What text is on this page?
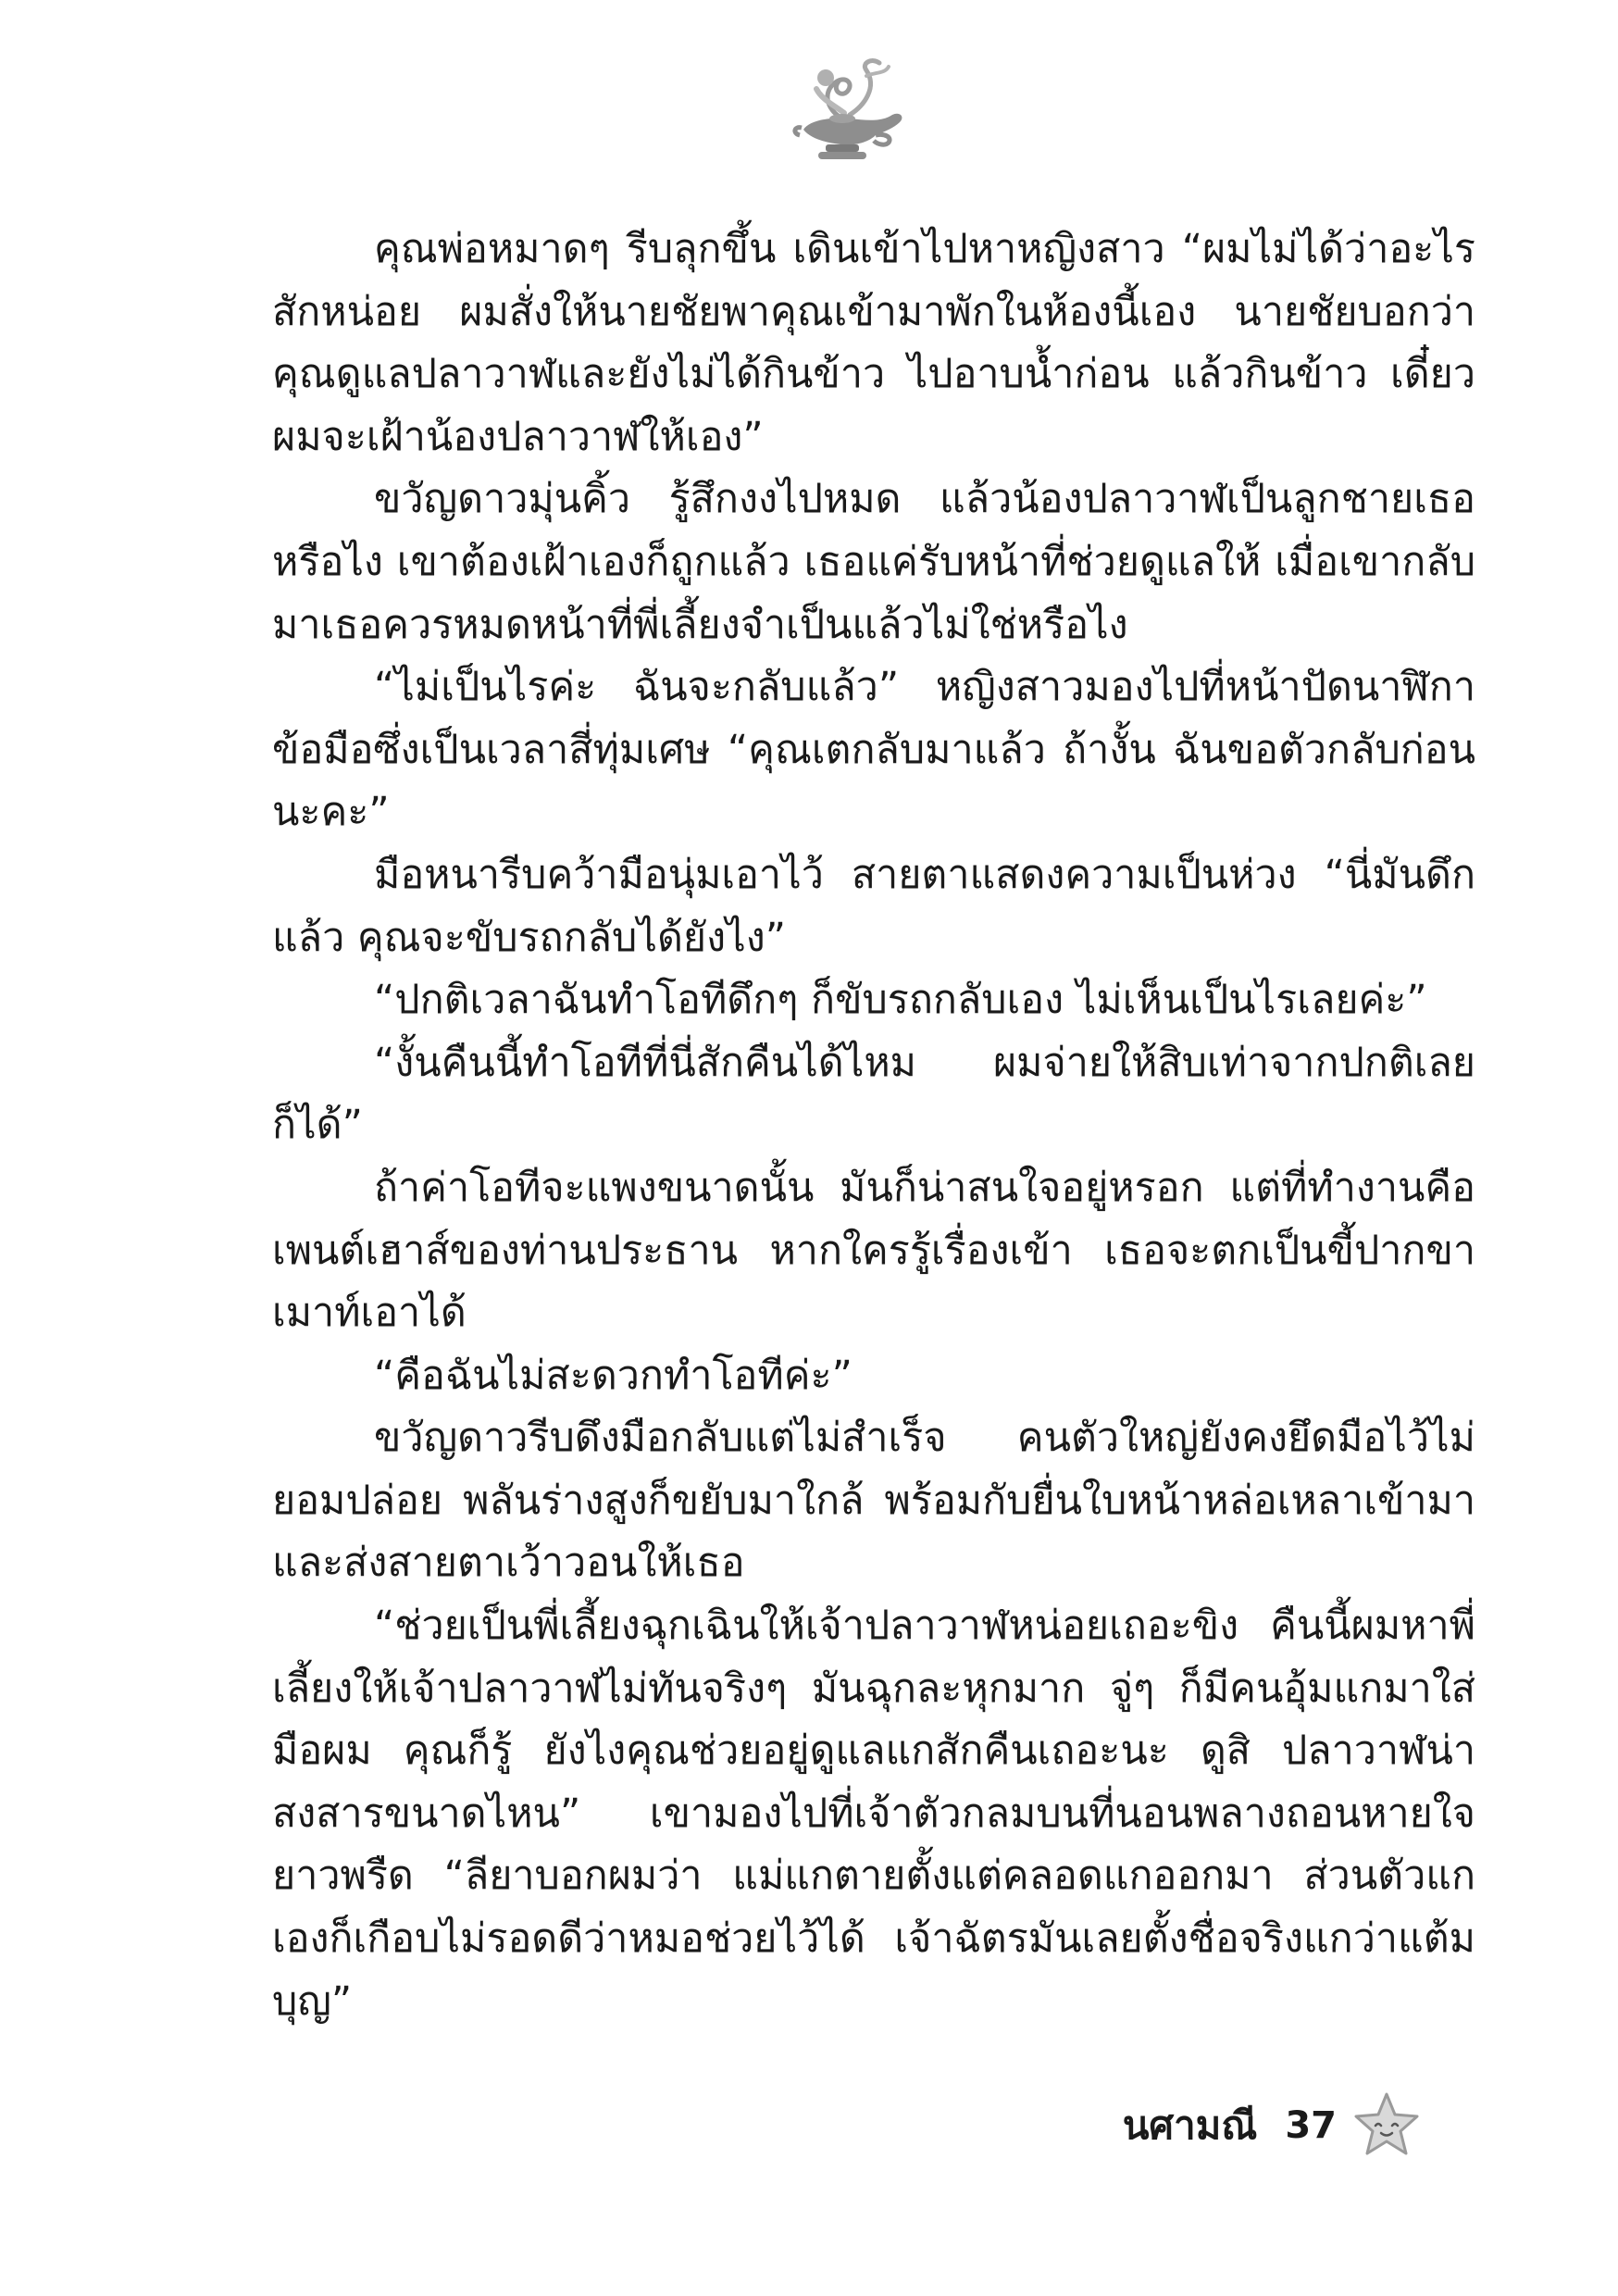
คุณพ่อหมาดๆ รีบลุกขึ้น เดินเข้าไปหาหญิงสาว “ผมไม่ได้ว่าอะไรสักหน่อย ผมสั่งให้นายชัยพาคุณเข้ามาพักในห้องนี้เอง นายชัยบอกว่าคุณดูแลปลาวาฬและยังไม่ได้กินข้าว ไปอาบน้ำก่อน แล้วกินข้าว เดี๋ยวผมจะเฝ้าน้องปลาวาฬให้เอง”

ขวัญดาวมุ่นคิ้ว รู้สึกงงไปหมด แล้วน้องปลาวาฬเป็นลูกชายเธอหรือไง เขาต้องเฝ้าเองก็ถูกแล้ว เธอแค่รับหน้าที่ช่วยดูแลให้ เมื่อเขากลับมาเธอควรหมดหน้าที่พี่เลี้ยงจำเป็นแล้วไม่ใช่หรือไง

“ไม่เป็นไรค่ะ ฉันจะกลับแล้ว” หญิงสาวมองไปที่หน้าปัดนาฬิกาข้อมือซึ่งเป็นเวลาสี่ทุ่มเศษ “คุณเตกลับมาแล้ว ถ้างั้น ฉันขอตัวกลับก่อนนะคะ”

มือหนารีบคว้ามือนุ่มเอาไว้ สายตาแสดงความเป็นห่วง “นี่มันดึกแล้ว คุณจะขับรถกลับได้ยังไง”

“ปกติเวลาฉันทำโอทีดึกๆ ก็ขับรถกลับเอง ไม่เห็นเป็นไรเลยค่ะ”

“งั้นคืนนี้ทำโอทีที่นี่สักคืนได้ไหม ผมจ่ายให้สิบเท่าจากปกติเลยก็ได้”

ถ้าค่าโอทีจะแพงขนาดนั้น มันก็น่าสนใจอยู่หรอก แต่ที่ทำงานคือเพนต์เฮาส์ของท่านประธาน หากใครรู้เรื่องเข้า เธอจะตกเป็นขี้ปากขาเมาท์เอาได้

“คือฉันไม่สะดวกทำโอทีค่ะ”

ขวัญดาวรีบดึงมือกลับแต่ไม่สำเร็จ คนตัวใหญ่ยังคงยึดมือไว้ไม่ยอมปล่อย พลันร่างสูงก็ขยับมาใกล้ พร้อมกับยื่นใบหน้าหล่อเหลาเข้ามาและส่งสายตาเว้าวอนให้เธอ

“ช่วยเป็นพี่เลี้ยงฉุกเฉินให้เจ้าปลาวาฬหน่อยเถอะขิง คืนนี้ผมหาพี่เลี้ยงให้เจ้าปลาวาฬไม่ทันจริงๆ มันฉุกละหุกมาก จู่ๆ ก็มีคนอุ้มแกมาใส่มือผม คุณก็รู้ ยังไงคุณช่วยอยู่ดูแลแกสักคืนเถอะนะ ดูสิ ปลาวาฬน่าสงสารขนาดไหน” เขามองไปที่เจ้าตัวกลมบนที่นอนพลางถอนหายใจยาวพรืด “ลียาบอกผมว่า แม่แกตายตั้งแต่คลอดแกออกมา ส่วนตัวแกเองก็เกือบไม่รอดดีว่าหมอช่วยไว้ได้ เจ้าฉัตรมันเลยตั้งชื่อจริงแกว่าแต้มบุญ”

นศามณี 37
